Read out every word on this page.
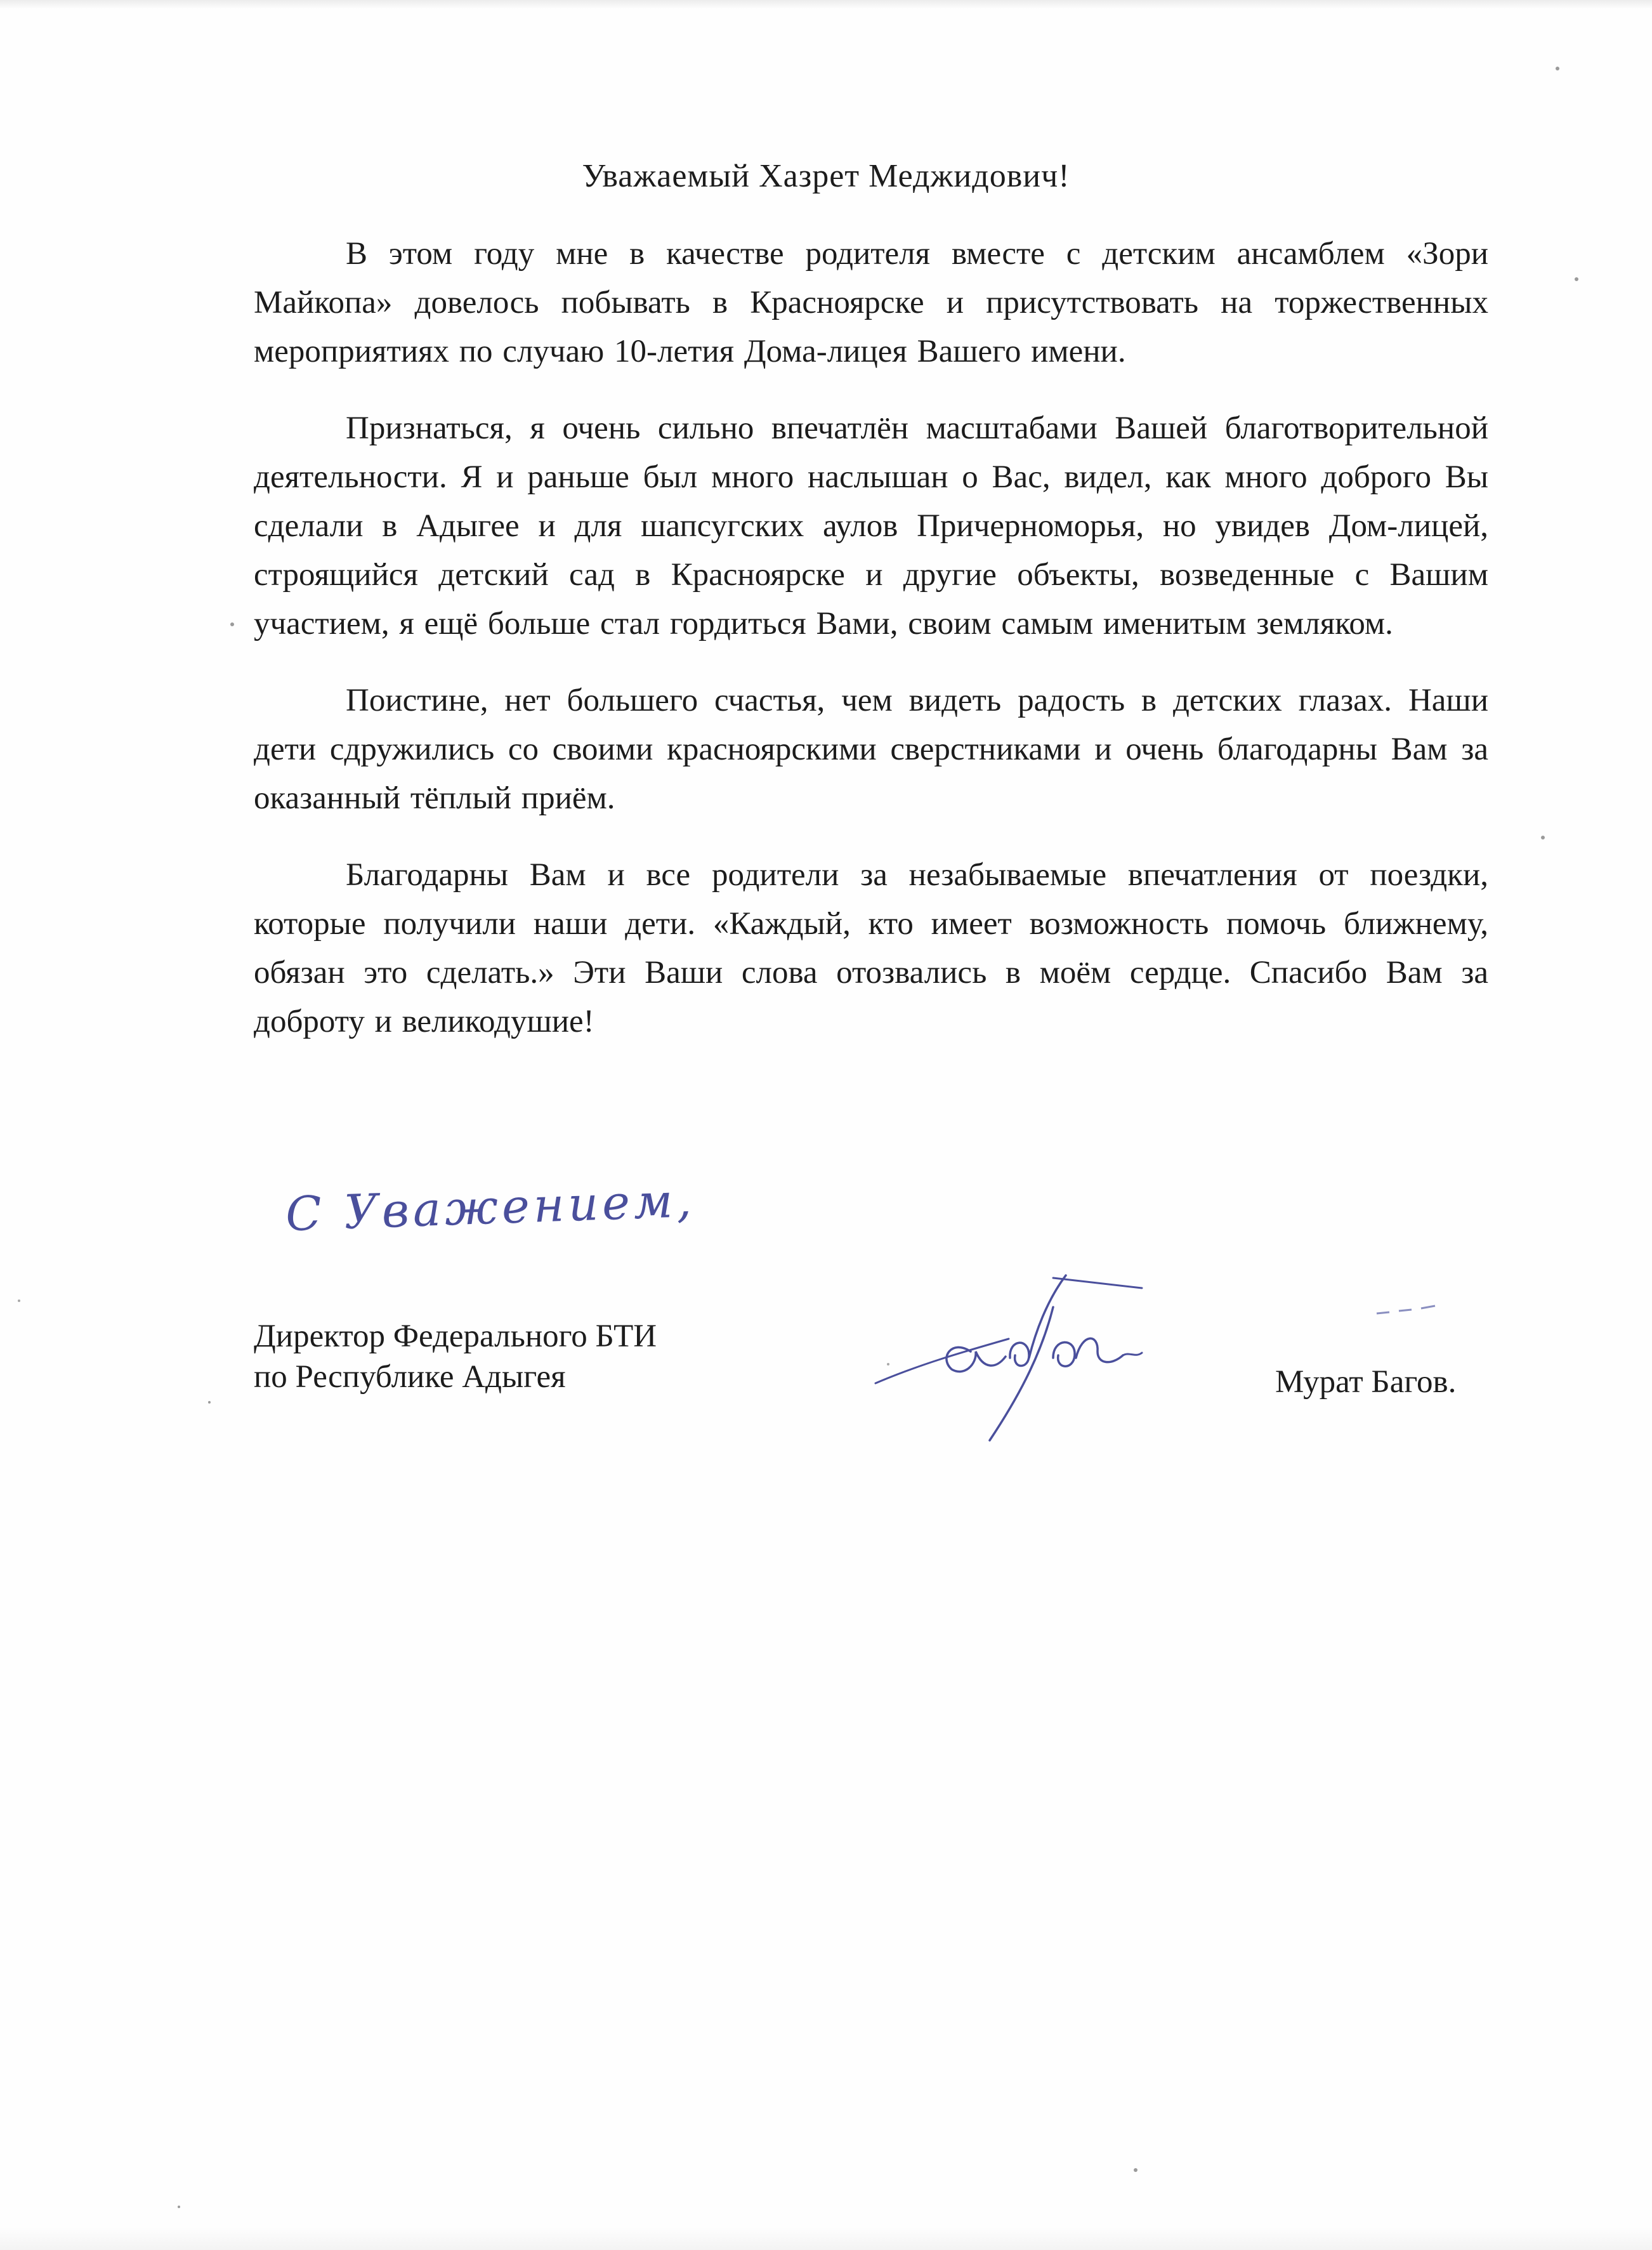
Уважаемый Хазрет Меджидович!

В этом году мне в качестве родителя вместе с детским ансамблем «Зори Майкопа» довелось побывать в Красноярске и присутствовать на торжественных мероприятиях по случаю 10-летия Дома-лицея Вашего имени.

Признаться, я очень сильно впечатлён масштабами Вашей благотворительной деятельности. Я и раньше был много наслышан о Вас, видел, как много доброго Вы сделали в Адыгее и для шапсугских аулов Причерноморья, но увидев Дом-лицей, строящийся детский сад в Красноярске и другие объекты, возведенные с Вашим участием, я ещё больше стал гордиться Вами, своим самым именитым земляком.

Поистине, нет большего счастья, чем видеть радость в детских глазах. Наши дети сдружились со своими красноярскими сверстниками и очень благодарны Вам за оказанный тёплый приём.

Благодарны Вам и все родители за незабываемые впечатления от поездки, которые получили наши дети. «Каждый, кто имеет возможность помочь ближнему, обязан это сделать.» Эти Ваши слова отозвались в моём сердце. Спасибо Вам за доброту и великодушие!

С Уважением,
Директор Федерального БТИ
по Республике Адыгея	Мурат Багов.
